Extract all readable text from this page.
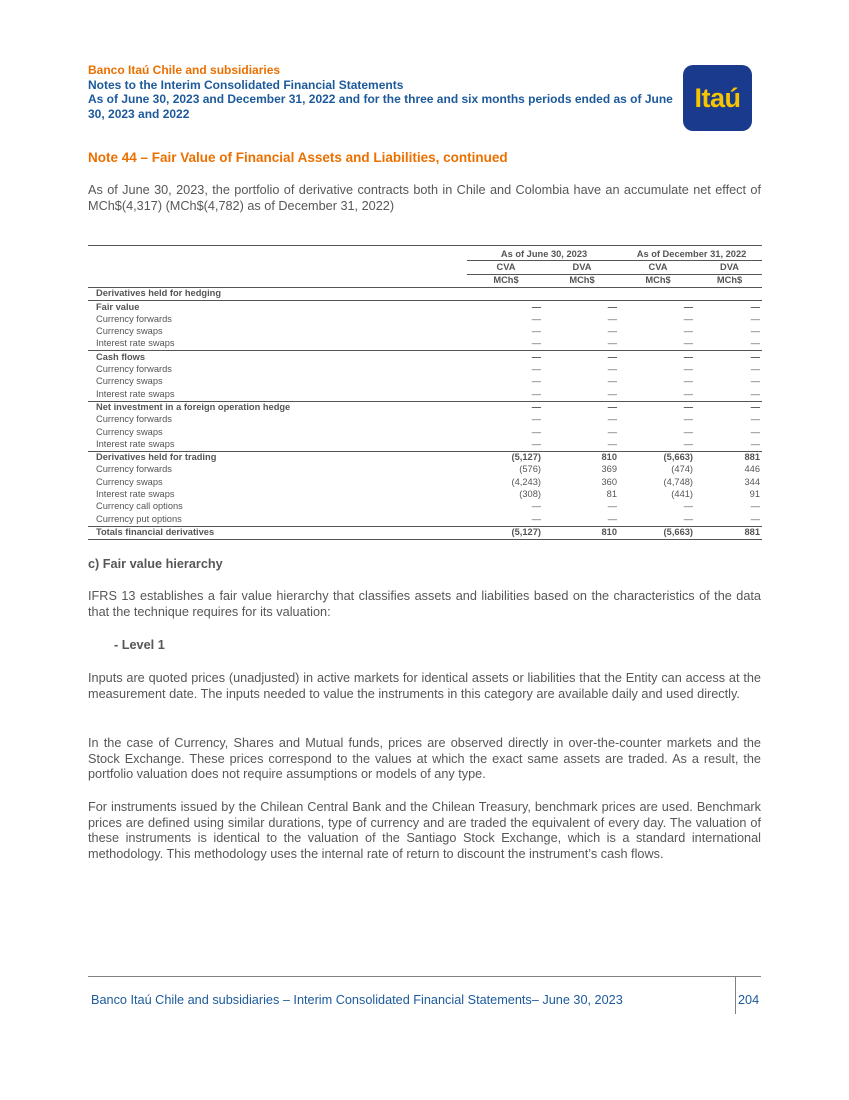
Banco Itaú Chile and subsidiaries
Notes to the Interim Consolidated Financial Statements
As of June 30, 2023 and December 31, 2022 and for the three and six months periods ended as of June 30, 2023 and 2022
Itaú
Note 44 – Fair Value of Financial Assets and Liabilities, continued
As of June 30, 2023, the portfolio of derivative contracts both in Chile and Colombia have an accumulate net effect of MCh$(4,317) (MCh$(4,782) as of December 31, 2022)
	As of June 30, 2023		As of December 31, 2022	
	CVA	DVA	CVA	DVA
	MCh$	MCh$	MCh$	MCh$
Derivatives held for hedging				
Fair value	—	—	—	—
Currency forwards	—	—	—	—
Currency swaps	—	—	—	—
Interest rate swaps	—	—	—	—
Cash flows	—	—	—	—
Currency forwards	—	—	—	—
Currency swaps	—	—	—	—
Interest rate swaps	—	—	—	—
Net investment in a foreign operation hedge	—	—	—	—
Currency forwards	—	—	—	—
Currency swaps	—	—	—	—
Interest rate swaps	—	—	—	—
Derivatives held for trading	(5,127)	810	(5,663)	881
Currency forwards	(576)	369	(474)	446
Currency swaps	(4,243)	360	(4,748)	344
Interest rate swaps	(308)	81	(441)	91
Currency call options	—	—	—	—
Currency put options	—	—	—	—
Totals financial derivatives	(5,127)	810	(5,663)	881
c) Fair value hierarchy
IFRS 13 establishes a fair value hierarchy that classifies assets and liabilities based on the characteristics of the data that the technique requires for its valuation:
- Level 1
Inputs are quoted prices (unadjusted) in active markets for identical assets or liabilities that the Entity can access at the measurement date. The inputs needed to value the instruments in this category are available daily and used directly.
In the case of Currency, Shares and Mutual funds, prices are observed directly in over-the-counter markets and the Stock Exchange. These prices correspond to the values at which the exact same assets are traded. As a result, the portfolio valuation does not require assumptions or models of any type.
For instruments issued by the Chilean Central Bank and the Chilean Treasury, benchmark prices are used. Benchmark prices are defined using similar durations, type of currency and are traded the equivalent of every day. The valuation of these instruments is identical to the valuation of the Santiago Stock Exchange, which is a standard international methodology. This methodology uses the internal rate of return to discount the instrument’s cash flows.
Banco Itaú Chile and subsidiaries – Interim Consolidated Financial Statements– June 30, 2023	204
